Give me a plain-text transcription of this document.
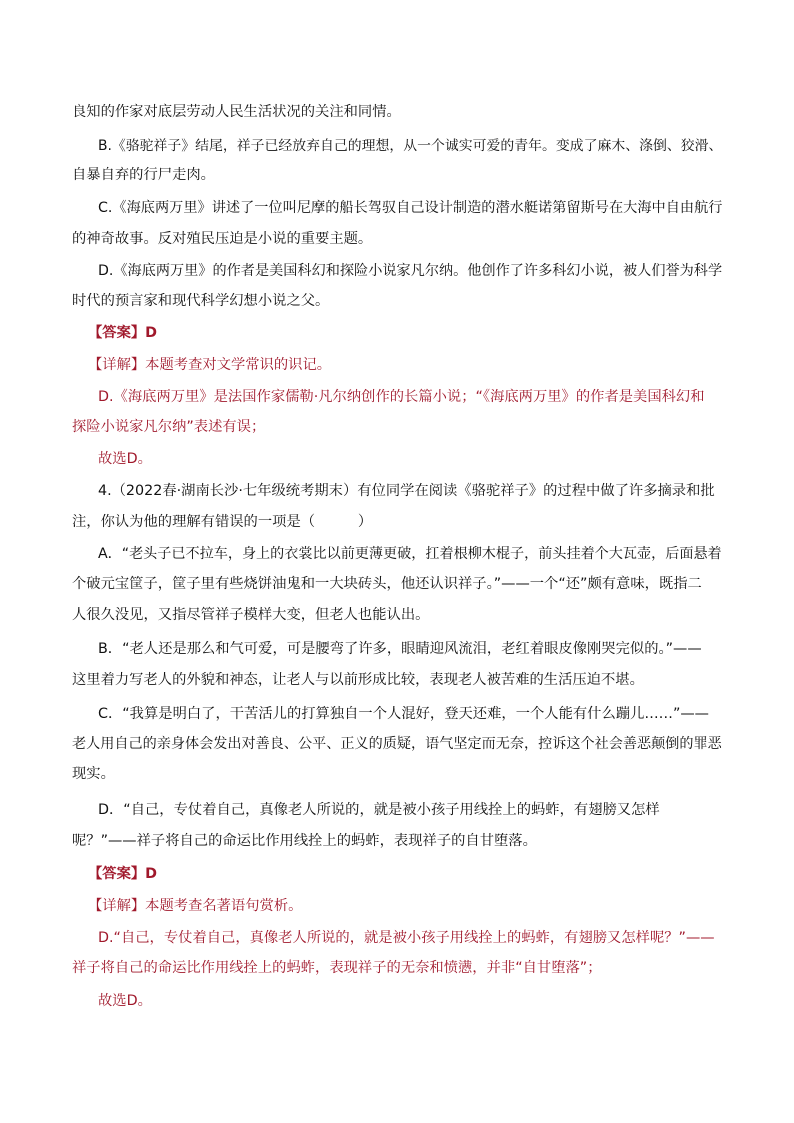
良知的作家对底层劳动人民生活状况的关注和同情。
B.《骆驼祥子》结尾，祥子已经放弃自己的理想，从一个诚实可爱的青年。变成了麻木、涤倒、狡滑、
自暴自弃的行尸走肉。
C.《海底两万里》讲述了一位叫尼摩的船长驾驭自己设计制造的潜水艇诺第留斯号在大海中自由航行
的神奇故事。反对殖民压迫是小说的重要主题。
D.《海底两万里》的作者是美国科幻和探险小说家凡尔纳。他创作了许多科幻小说，被人们誉为科学
时代的预言家和现代科学幻想小说之父。
【答案】D
【详解】本题考查对文学常识的识记。
D.《海底两万里》是法国作家儒勒·凡尔纳创作的长篇小说；“《海底两万里》的作者是美国科幻和
探险小说家凡尔纳”表述有误；
故选D。
4.（2022春·湖南长沙·七年级统考期末）有位同学在阅读《骆驼祥子》的过程中做了许多摘录和批
注，你认为他的理解有错误的一项是（　　　）
A．“老头子已不拉车，身上的衣裳比以前更薄更破，扛着根柳木棍子，前头挂着个大瓦壶，后面悬着
个破元宝筐子，筐子里有些烧饼油鬼和一大块砖头，他还认识祥子。”——一个“还”颇有意味，既指二
人很久没见，又指尽管祥子模样大变，但老人也能认出。
B．“老人还是那么和气可爱，可是腰弯了许多，眼睛迎风流泪，老红着眼皮像刚哭完似的。”——
这里着力写老人的外貌和神态，让老人与以前形成比较，表现老人被苦难的生活压迫不堪。
C．“我算是明白了，干苦活儿的打算独自一个人混好，登天还难，一个人能有什么蹦儿……”——
老人用自己的亲身体会发出对善良、公平、正义的质疑，语气坚定而无奈，控诉这个社会善恶颠倒的罪恶
现实。
D．“自己，专仗着自己，真像老人所说的，就是被小孩子用线拴上的蚂蚱，有翅膀又怎样
呢？”——祥子将自己的命运比作用线拴上的蚂蚱，表现祥子的自甘堕落。
【答案】D
【详解】本题考查名著语句赏析。
D.“自己，专仗着自己，真像老人所说的，就是被小孩子用线拴上的蚂蚱，有翅膀又怎样呢？”——
祥子将自己的命运比作用线拴上的蚂蚱，表现祥子的无奈和愤懑，并非“自甘堕落”；
故选D。
